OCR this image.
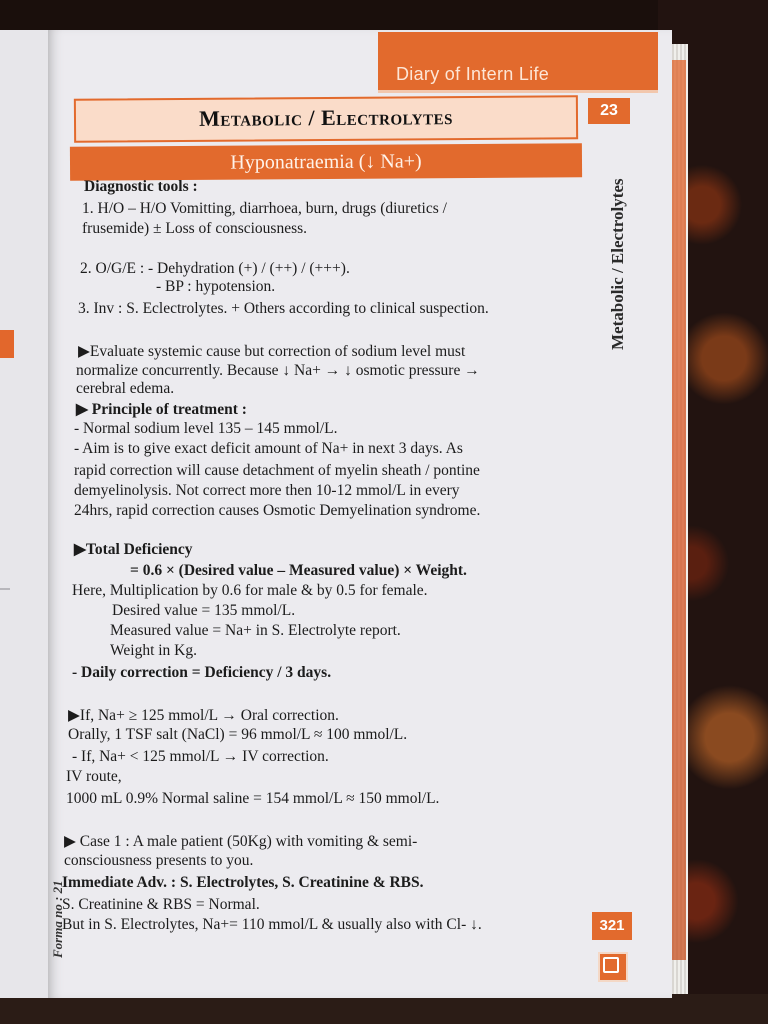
Diary of Intern Life
23
Metabolic / Electrolytes
Hyponatraemia (↓ Na+)
Metabolic / Electrolytes
Forma no : 21	321
Diagnostic tools :
1. H/O – H/O Vomitting, diarrhoea, burn, drugs (diuretics /
frusemide) ± Loss of consciousness.
2. O/G/E : - Dehydration (+) / (++) / (+++).
- BP : hypotension.
3. Inv : S. Eclectrolytes. + Others according to clinical suspection.
▶Evaluate systemic cause but correction of sodium level must
normalize concurrently. Because ↓ Na+ → ↓ osmotic pressure →
cerebral edema.
▶ Principle of treatment :
- Normal sodium level 135 – 145 mmol/L.
- Aim is to give exact deficit amount of Na+ in next 3 days. As
rapid correction will cause detachment of myelin sheath / pontine
demyelinolysis. Not correct more then 10-12 mmol/L in every
24hrs, rapid correction causes Osmotic Demyelination syndrome.
▶Total Deficiency
= 0.6 × (Desired value – Measured value) × Weight.
Here, Multiplication by 0.6 for male & by 0.5 for female.
Desired value = 135 mmol/L.
Measured value = Na+ in S. Electrolyte report.
Weight in Kg.
- Daily correction = Deficiency / 3 days.
▶If, Na+ ≥ 125 mmol/L → Oral correction.
Orally, 1 TSF salt (NaCl) = 96 mmol/L ≈ 100 mmol/L.
- If, Na+ < 125 mmol/L → IV correction.
IV route,
1000 mL 0.9% Normal saline = 154 mmol/L ≈ 150 mmol/L.
▶ Case 1 : A male patient (50Kg) with vomiting & semi-
consciousness presents to you.
Immediate Adv. : S. Electrolytes, S. Creatinine & RBS.
S. Creatinine & RBS = Normal.
But in S. Electrolytes, Na+= 110 mmol/L & usually also with Cl- ↓.
